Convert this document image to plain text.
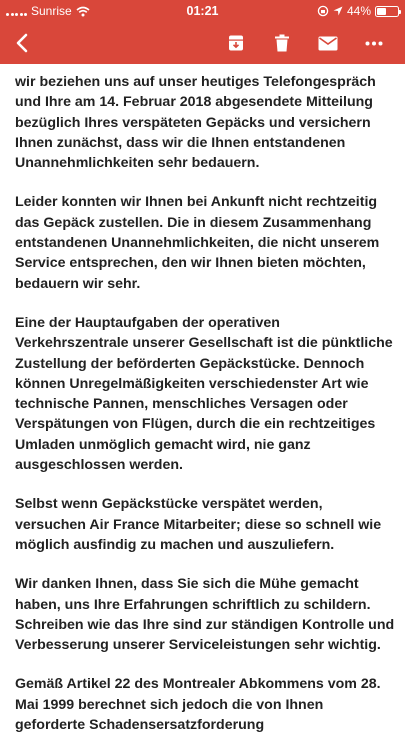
Sunrise	01:21	44%

wir beziehen uns auf unser heutiges Telefongespräch und Ihre am 14. Februar 2018 abgesendete Mitteilung bezüglich Ihres verspäteten Gepäcks und versichern Ihnen zunächst, dass wir die Ihnen entstandenen Unannehmlichkeiten sehr bedauern.

Leider konnten wir Ihnen bei Ankunft nicht rechtzeitig das Gepäck zustellen. Die in diesem Zusammenhang entstandenen Unannehmlichkeiten, die nicht unserem Service entsprechen, den wir Ihnen bieten möchten, bedauern wir sehr.

Eine der Hauptaufgaben der operativen Verkehrszentrale unserer Gesellschaft ist die pünktliche Zustellung der beförderten Gepäckstücke. Dennoch können Unregelmäßigkeiten verschiedenster Art wie technische Pannen, menschliches Versagen oder Verspätungen von Flügen, durch die ein rechtzeitiges Umladen unmöglich gemacht wird, nie ganz ausgeschlossen werden.

Selbst wenn Gepäckstücke verspätet werden, versuchen Air France Mitarbeiter; diese so schnell wie möglich ausfindig zu machen und auszuliefern.

Wir danken Ihnen, dass Sie sich die Mühe gemacht haben, uns Ihre Erfahrungen schriftlich zu schildern. Schreiben wie das Ihre sind zur ständigen Kontrolle und Verbesserung unserer Serviceleistungen sehr wichtig.

Gemäß Artikel 22 des Montrealer Abkommens vom 28. Mai 1999 berechnet sich jedoch die von Ihnen geforderte Schadensersatzforderung
